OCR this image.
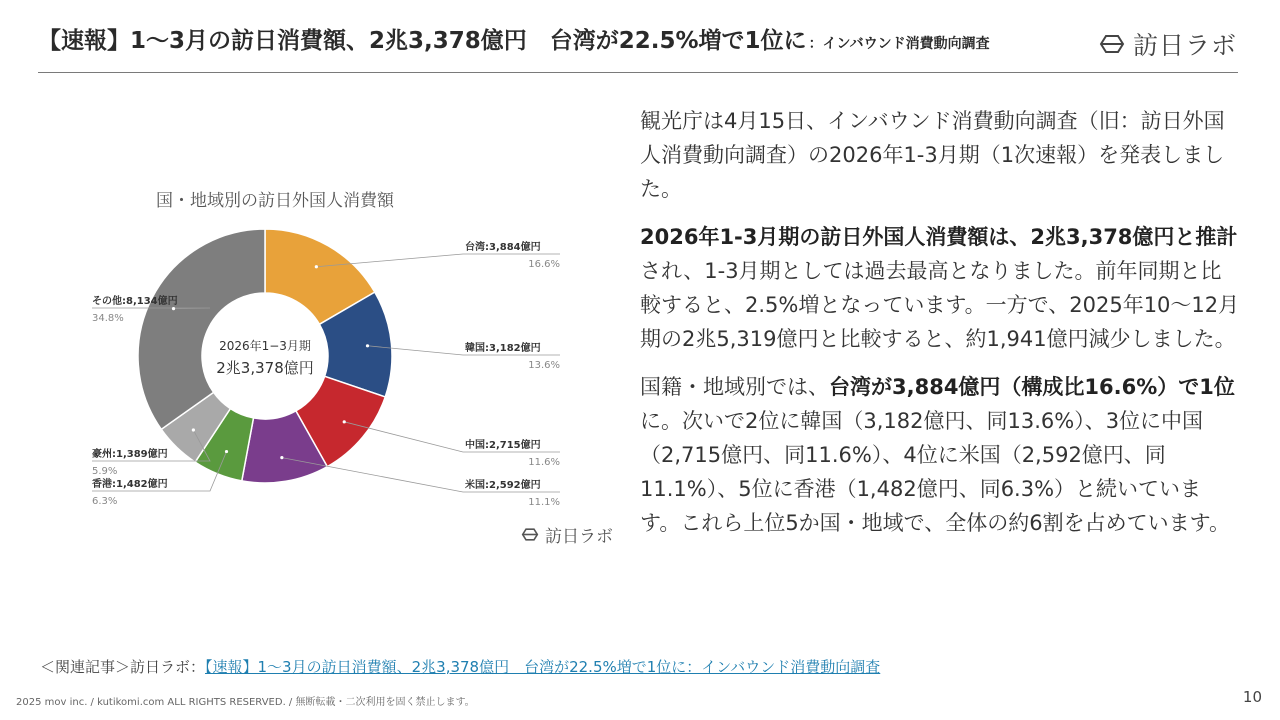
【速報】1〜3月の訪日消費額、2兆3,378億円　台湾が22.5%増で1位に ：インバウンド消費動向調査	訪日ラボ
国・地域別の訪日外国人消費額
台湾:3,884億円
16.6%
韓国:3,182億円
13.6%
中国:2,715億円
11.6%
米国:2,592億円
11.1%
香港:1,482億円
6.3%
豪州:1,389億円
5.9%
その他:8,134億円
34.8%
2026年1−3月期
2兆3,378億円
訪日ラボ

観光庁は4月15日、インバウンド消費動向調査（旧：訪日外国人消費動向調査）の2026年1-3月期（1次速報）を発表しました。

2026年1-3月期の訪日外国人消費額は、2兆3,378億円と推計され、1-3月期としては過去最高となりました。前年同期と比較すると、2.5%増となっています。一方で、2025年10〜12月期の2兆5,319億円と比較すると、約1,941億円減少しました。

国籍・地域別では、台湾が3,884億円（構成比16.6%）で1位に。次いで2位に韓国（3,182億円、同13.6%）、3位に中国（2,715億円、同11.6%）、4位に米国（2,592億円、同11.1%）、5位に香港（1,482億円、同6.3%）と続いています。これら上位5か国・地域で、全体の約6割を占めています。

＜関連記事＞訪日ラボ：【速報】1〜3月の訪日消費額、2兆3,378億円　台湾が22.5%増で1位に：インバウンド消費動向調査
2025 mov inc. / kutikomi.com ALL RIGHTS RESERVED. / 無断転載・二次利用を固く禁止します。	10
